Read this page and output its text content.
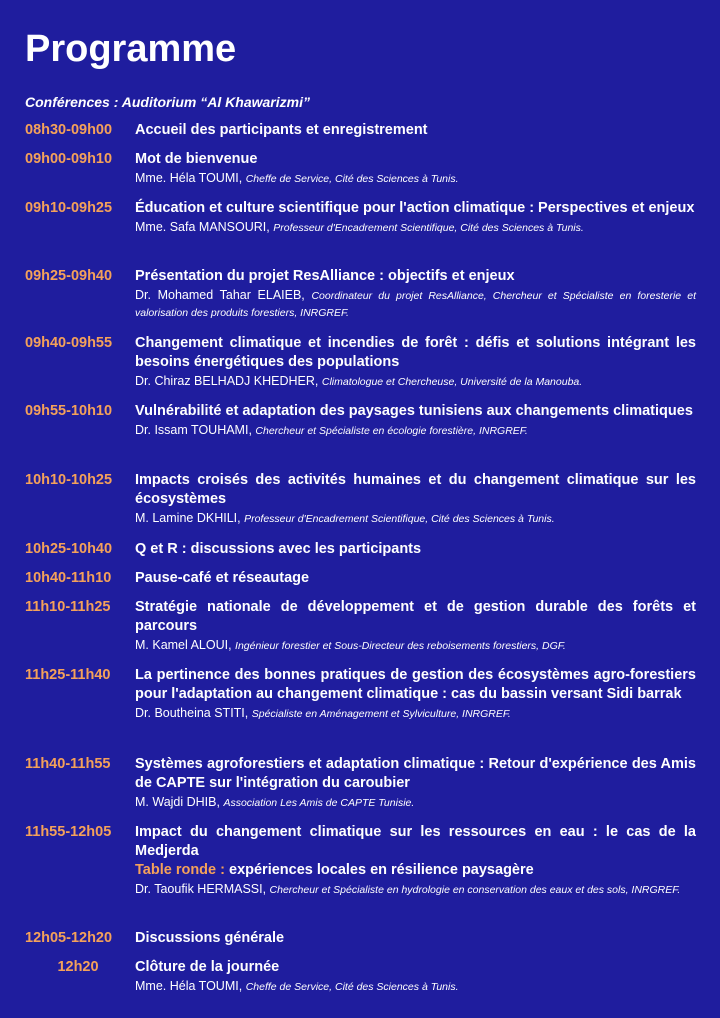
Programme
Conférences : Auditorium “Al Khawarizmi”
08h30-09h00	Accueil des participants et enregistrement
09h00-09h10	Mot de bienvenue
Mme. Héla TOUMI, Cheffe de Service, Cité des Sciences à Tunis.
09h10-09h25	Éducation et culture scientifique pour l'action climatique : Perspectives et enjeux
Mme. Safa MANSOURI, Professeur d'Encadrement Scientifique, Cité des Sciences à Tunis.
09h25-09h40	Présentation du projet ResAlliance : objectifs et enjeux
Dr. Mohamed Tahar ELAIEB, Coordinateur du projet ResAlliance, Chercheur et Spécialiste en foresterie et valorisation des produits forestiers, INRGREF.
09h40-09h55	Changement climatique et incendies de forêt : défis et solutions intégrant les besoins énergétiques des populations
Dr. Chiraz BELHADJ KHEDHER, Climatologue et Chercheuse, Université de la Manouba.
09h55-10h10	Vulnérabilité et adaptation des paysages tunisiens aux changements climatiques
Dr. Issam TOUHAMI, Chercheur et Spécialiste en écologie forestière, INRGREF.
10h10-10h25	Impacts croisés des activités humaines et du changement climatique sur les écosystèmes
M. Lamine DKHILI, Professeur d'Encadrement Scientifique, Cité des Sciences à Tunis.
10h25-10h40	Q et R : discussions avec les participants
10h40-11h10	Pause-café et réseautage
11h10-11h25	Stratégie nationale de développement et de gestion durable des forêts et parcours
M. Kamel ALOUI, Ingénieur forestier et Sous-Directeur des reboisements forestiers, DGF.
11h25-11h40	La pertinence des bonnes pratiques de gestion des écosystèmes agro-forestiers pour l'adaptation au changement climatique : cas du bassin versant Sidi barrak
Dr. Boutheina STITI, Spécialiste en Aménagement et Sylviculture, INRGREF.
11h40-11h55	Systèmes agroforestiers et adaptation climatique : Retour d'expérience des Amis de CAPTE sur l'intégration du caroubier
M. Wajdi DHIB, Association Les Amis de CAPTE Tunisie.
11h55-12h05	Impact du changement climatique sur les ressources en eau : le cas de la Medjerda
Table ronde : expériences locales en résilience paysagère
Dr. Taoufik HERMASSI, Chercheur et Spécialiste en hydrologie en conservation des eaux et des sols, INRGREF.
12h05-12h20	Discussions générale
12h20	Clôture de la journée
Mme. Héla TOUMI, Cheffe de Service, Cité des Sciences à Tunis.
